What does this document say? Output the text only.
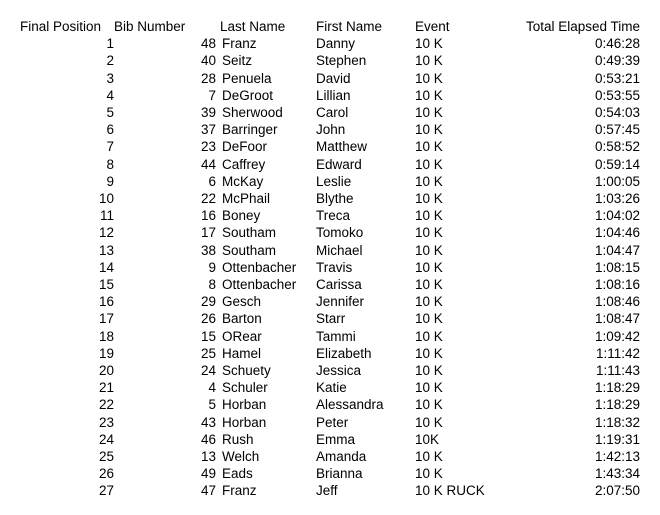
Final Position	Bib Number	Last Name	First Name	Event	Total Elapsed Time
1	48	Franz	Danny	10 K	0:46:28
2	40	Seitz	Stephen	10 K	0:49:39
3	28	Penuela	David	10 K	0:53:21
4	7	DeGroot	Lillian	10 K	0:53:55
5	39	Sherwood	Carol	10 K	0:54:03
6	37	Barringer	John	10 K	0:57:45
7	23	DeFoor	Matthew	10 K	0:58:52
8	44	Caffrey	Edward	10 K	0:59:14
9	6	McKay	Leslie	10 K	1:00:05
10	22	McPhail	Blythe	10 K	1:03:26
11	16	Boney	Treca	10 K	1:04:02
12	17	Southam	Tomoko	10 K	1:04:46
13	38	Southam	Michael	10 K	1:04:47
14	9	Ottenbacher	Travis	10 K	1:08:15
15	8	Ottenbacher	Carissa	10 K	1:08:16
16	29	Gesch	Jennifer	10 K	1:08:46
17	26	Barton	Starr	10 K	1:08:47
18	15	ORear	Tammi	10 K	1:09:42
19	25	Hamel	Elizabeth	10 K	1:11:42
20	24	Schuety	Jessica	10 K	1:11:43
21	4	Schuler	Katie	10 K	1:18:29
22	5	Horban	Alessandra	10 K	1:18:29
23	43	Horban	Peter	10 K	1:18:32
24	46	Rush	Emma	10K	1:19:31
25	13	Welch	Amanda	10 K	1:42:13
26	49	Eads	Brianna	10 K	1:43:34
27	47	Franz	Jeff	10 K RUCK	2:07:50
